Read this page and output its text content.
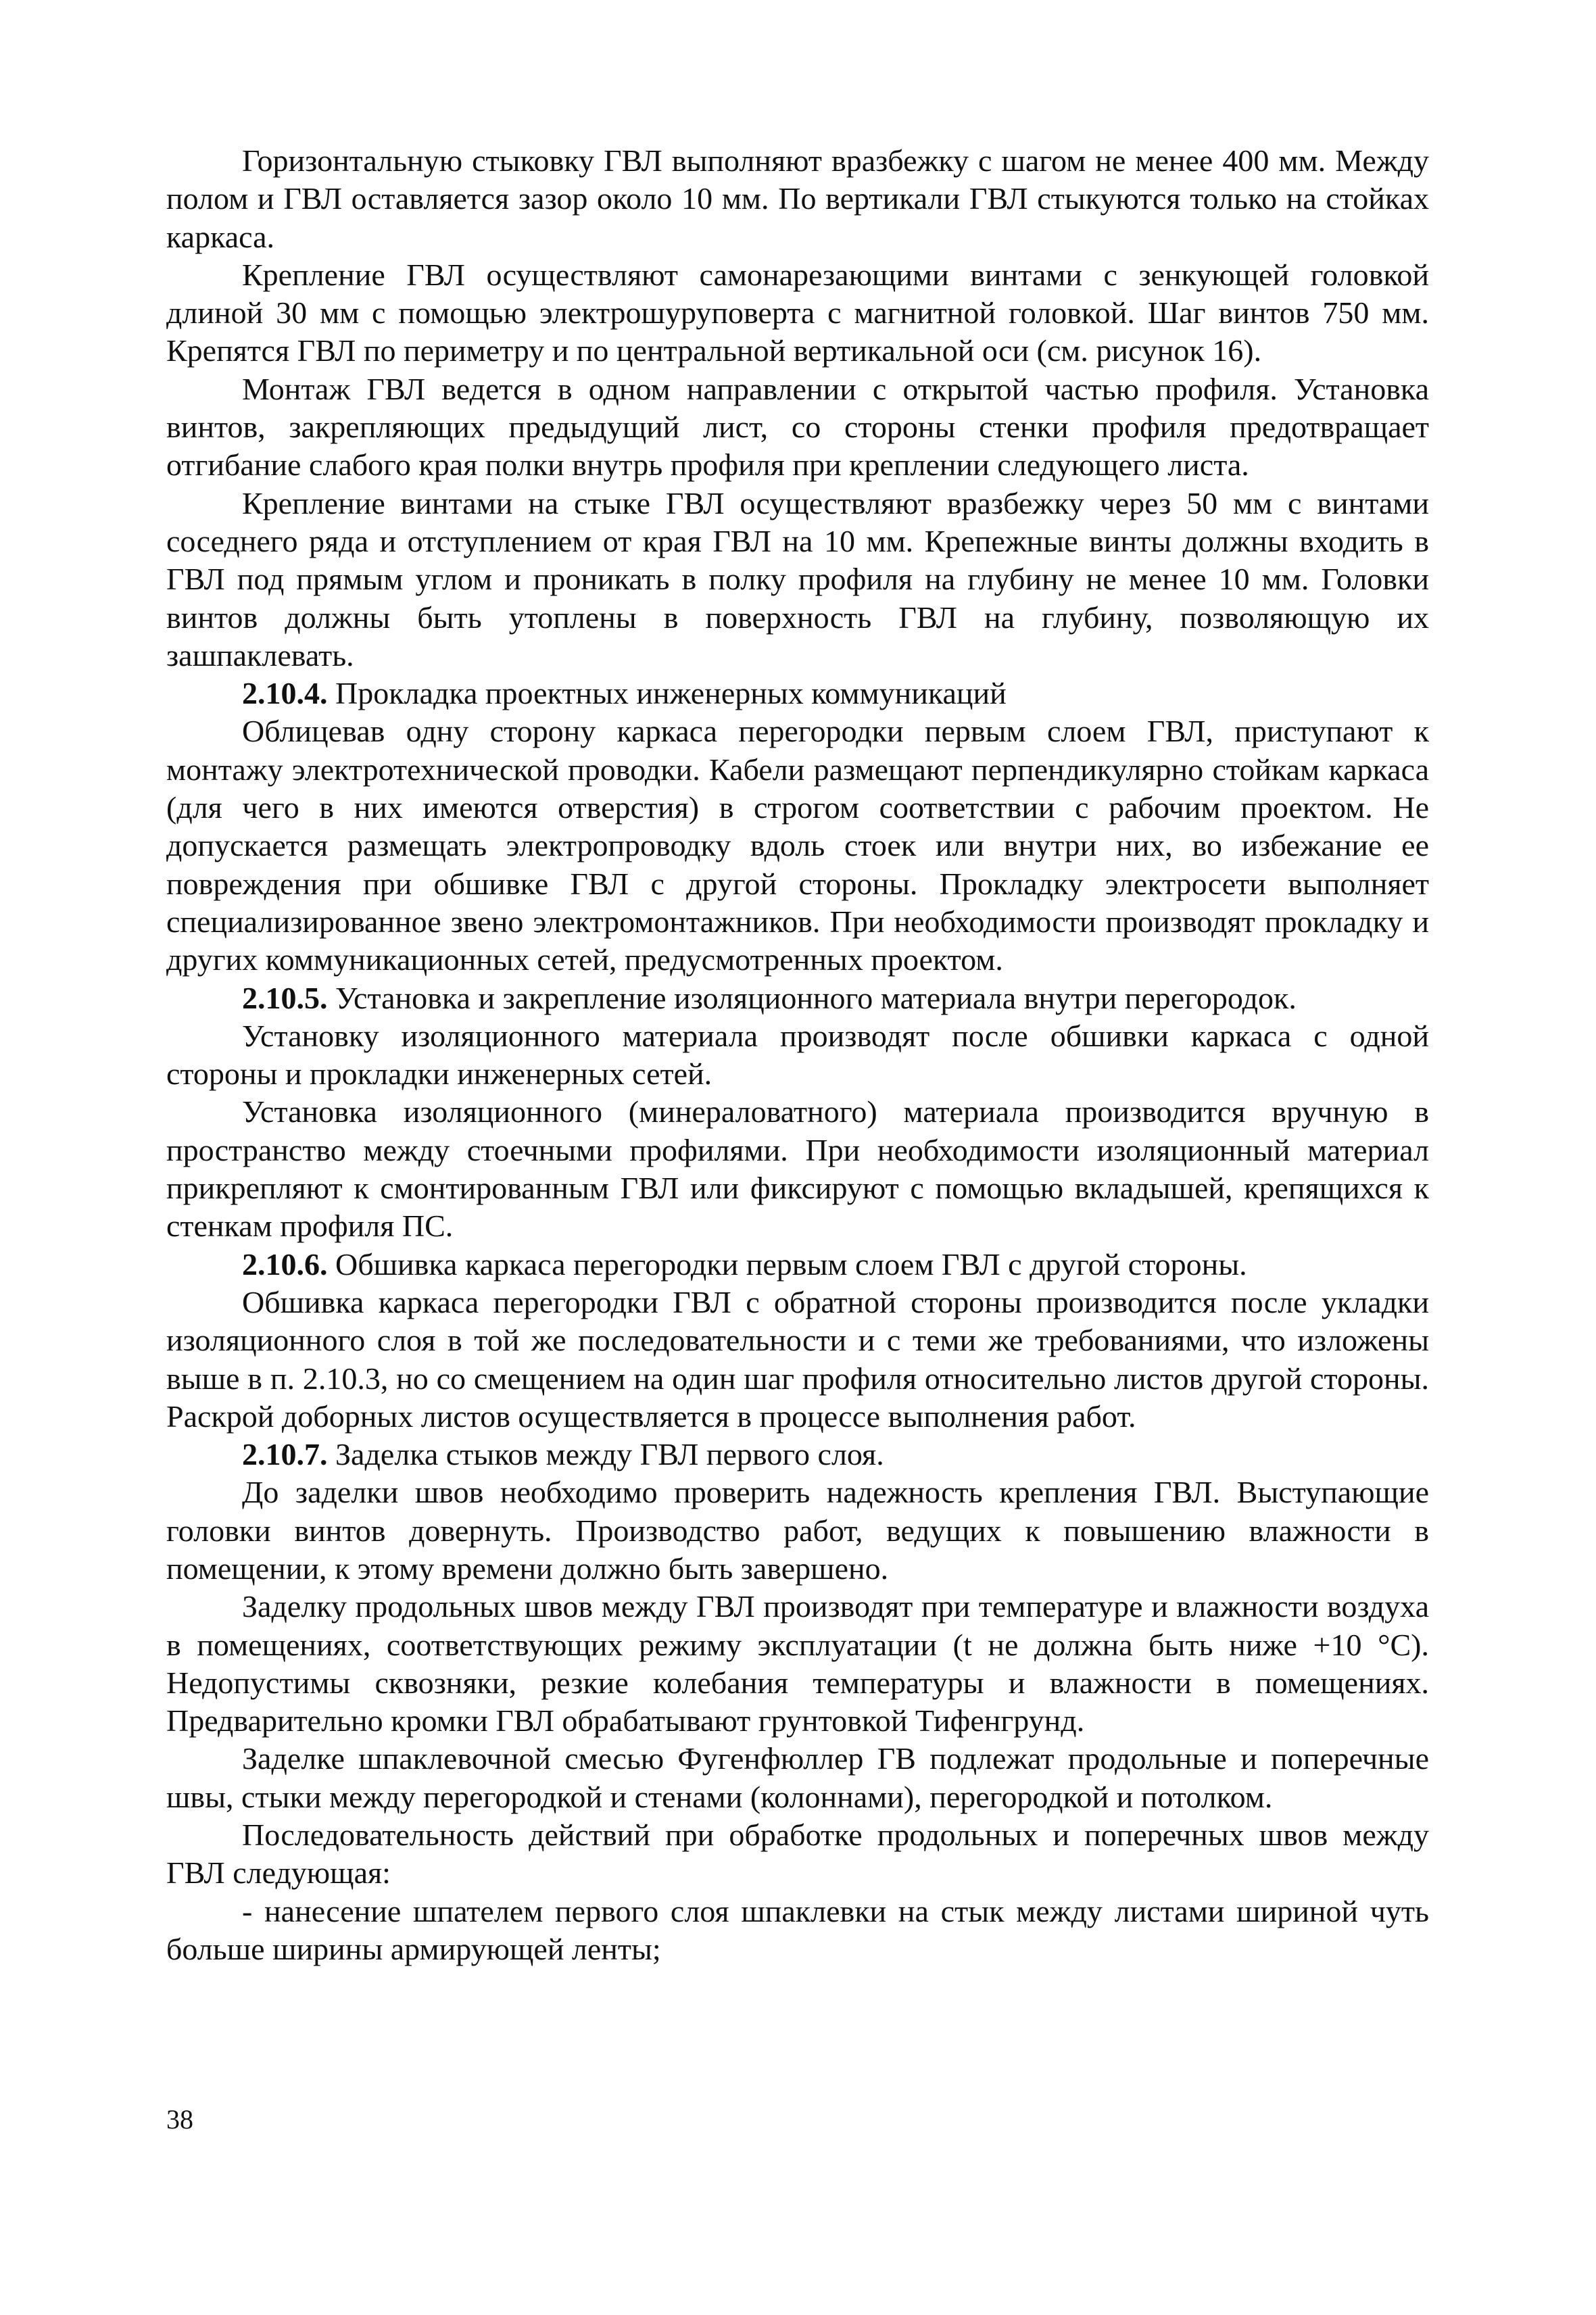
Горизонтальную стыковку ГВЛ выполняют вразбежку с шагом не менее 400 мм. Между полом и ГВЛ оставляется зазор около 10 мм. По вертикали ГВЛ стыкуются только на стойках каркаса.

Крепление ГВЛ осуществляют самонарезающими винтами с зенкующей головкой длиной 30 мм с помощью электрошуруповерта с магнитной головкой. Шаг винтов 750 мм. Крепятся ГВЛ по периметру и по центральной вертикальной оси (см. рисунок 16).

Монтаж ГВЛ ведется в одном направлении с открытой частью профиля. Установка винтов, закрепляющих предыдущий лист, со стороны стенки профиля предотвращает отгибание слабого края полки внутрь профиля при креплении следующего листа.

Крепление винтами на стыке ГВЛ осуществляют вразбежку через 50 мм с винтами соседнего ряда и отступлением от края ГВЛ на 10 мм. Крепежные винты должны входить в ГВЛ под прямым углом и проникать в полку профиля на глубину не менее 10 мм. Головки винтов должны быть утоплены в поверхность ГВЛ на глубину, позволяющую их зашпаклевать.

2.10.4. Прокладка проектных инженерных коммуникаций

Облицевав одну сторону каркаса перегородки первым слоем ГВЛ, приступают к монтажу электротехнической проводки. Кабели размещают перпендикулярно стойкам каркаса (для чего в них имеются отверстия) в строгом соответствии с рабочим проектом. Не допускается размещать электропроводку вдоль стоек или внутри них, во избежание ее повреждения при обшивке ГВЛ с другой стороны. Прокладку электросети выполняет специализированное звено электромонтажников. При необходимости производят прокладку и других коммуникационных сетей, предусмотренных проектом.

2.10.5. Установка и закрепление изоляционного материала внутри перегородок.

Установку изоляционного материала производят после обшивки каркаса с одной стороны и прокладки инженерных сетей.

Установка изоляционного (минераловатного) материала производится вручную в пространство между стоечными профилями. При необходимости изоляционный материал прикрепляют к смонтированным ГВЛ или фиксируют с помощью вкладышей, крепящихся к стенкам профиля ПС.

2.10.6. Обшивка каркаса перегородки первым слоем ГВЛ с другой стороны.

Обшивка каркаса перегородки ГВЛ с обратной стороны производится после укладки изоляционного слоя в той же последовательности и с теми же требованиями, что изложены выше в п. 2.10.3, но со смещением на один шаг профиля относительно листов другой стороны. Раскрой доборных листов осуществляется в процессе выполнения работ.

2.10.7. Заделка стыков между ГВЛ первого слоя.

До заделки швов необходимо проверить надежность крепления ГВЛ. Выступающие головки винтов довернуть. Производство работ, ведущих к повышению влажности в помещении, к этому времени должно быть завершено.

Заделку продольных швов между ГВЛ производят при температуре и влажности воздуха в помещениях, соответствующих режиму эксплуатации (t не должна быть ниже +10 °С). Недопустимы сквозняки, резкие колебания температуры и влажности в помещениях. Предварительно кромки ГВЛ обрабатывают грунтовкой Тифенгрунд.

Заделке шпаклевочной смесью Фугенфюллер ГВ подлежат продольные и поперечные швы, стыки между перегородкой и стенами (колоннами), перегородкой и потолком.

Последовательность действий при обработке продольных и поперечных швов между ГВЛ следующая:

- нанесение шпателем первого слоя шпаклевки на стык между листами шириной чуть больше ширины армирующей ленты;

38
